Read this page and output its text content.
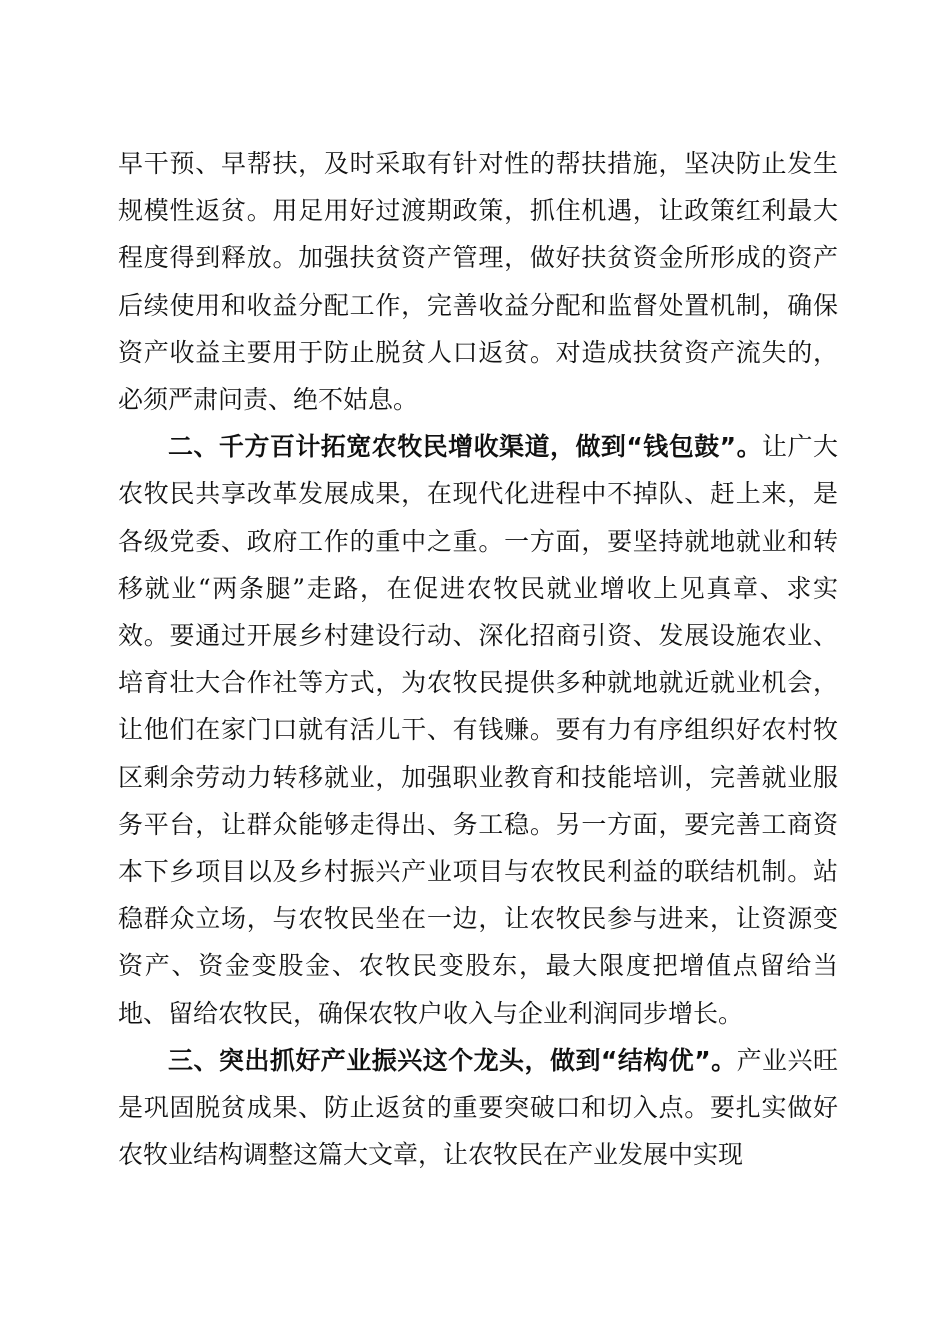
早干预、早帮扶，及时采取有针对性的帮扶措施，坚决防止发生规模性返贫。用足用好过渡期政策，抓住机遇，让政策红利最大程度得到释放。加强扶贫资产管理，做好扶贫资金所形成的资产后续使用和收益分配工作，完善收益分配和监督处置机制，确保资产收益主要用于防止脱贫人口返贫。对造成扶贫资产流失的，必须严肃问责、绝不姑息。

二、千方百计拓宽农牧民增收渠道，做到“钱包鼓”。让广大农牧民共享改革发展成果，在现代化进程中不掉队、赶上来，是各级党委、政府工作的重中之重。一方面，要坚持就地就业和转移就业“两条腿”走路，在促进农牧民就业增收上见真章、求实效。要通过开展乡村建设行动、深化招商引资、发展设施农业、培育壮大合作社等方式，为农牧民提供多种就地就近就业机会，让他们在家门口就有活儿干、有钱赚。要有力有序组织好农村牧区剩余劳动力转移就业，加强职业教育和技能培训，完善就业服务平台，让群众能够走得出、务工稳。另一方面，要完善工商资本下乡项目以及乡村振兴产业项目与农牧民利益的联结机制。站稳群众立场，与农牧民坐在一边，让农牧民参与进来，让资源变资产、资金变股金、农牧民变股东，最大限度把增值点留给当地、留给农牧民，确保农牧户收入与企业利润同步增长。

三、突出抓好产业振兴这个龙头，做到“结构优”。产业兴旺是巩固脱贫成果、防止返贫的重要突破口和切入点。要扎实做好农牧业结构调整这篇大文章，让农牧民在产业发展中实现
